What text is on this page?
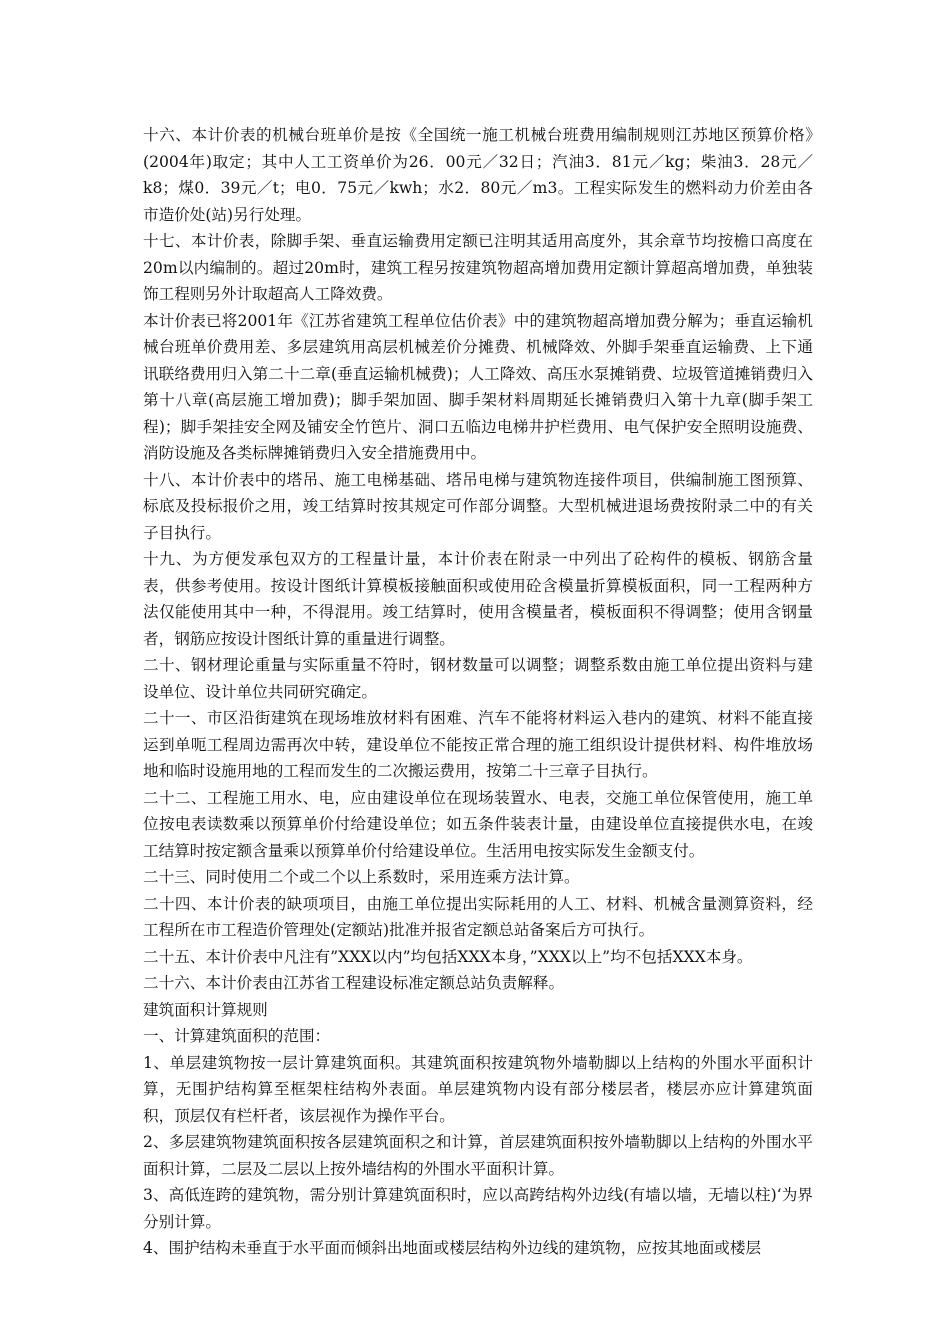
十六、本计价表的机械台班单价是按《全国统一施工机械台班费用编制规则江苏地区预算价格》　(2004年)取定；其中人工工资单价为26．00元／32日；汽油3．81元／kg；柴油3．28元／k8；煤0．39元／t；电0．75元／kwh；水2．80元／m3。工程实际发生的燃料动力价差由各市造价处(站)另行处理。

十七、本计价表，除脚手架、垂直运输费用定额已注明其适用高度外，其余章节均按檐口高度在20m以内编制的。超过20m时，建筑工程另按建筑物超高增加费用定额计算超高增加费，单独装饰工程则另外计取超高人工降效费。

本计价表已将2001年《江苏省建筑工程单位估价表》中的建筑物超高增加费分解为；垂直运输机械台班单价费用差、多层建筑用高层机械差价分摊费、机械降效、外脚手架垂直运输费、上下通讯联络费用归入第二十二章(垂直运输机械费)；人工降效、高压水泵摊销费、垃圾管道摊销费归入第十八章(高层施工增加费)；脚手架加固、脚手架材料周期延长摊销费归入第十九章(脚手架工程)；脚手架挂安全网及铺安全竹笆片、洞口五临边电梯井护栏费用、电气保护安全照明设施费、消防设施及各类标牌摊销费归入安全措施费用中。

十八、本计价表中的塔吊、施工电梯基础、塔吊电梯与建筑物连接件项目，供编制施工图预算、标底及投标报价之用，竣工结算时按其规定可作部分调整。大型机械进退场费按附录二中的有关子目执行。

十九、为方便发承包双方的工程量计量，本计价表在附录一中列出了砼构件的模板、钢筋含量表，供参考使用。按设计图纸计算模板接触面积或使用砼含模量折算模板面积，同一工程两种方法仅能使用其中一种，不得混用。竣工结算时，使用含模量者，模板面积不得调整；使用含钢量者，钢筋应按设计图纸计算的重量进行调整。

二十、钢材理论重量与实际重量不符时，钢材数量可以调整；调整系数由施工单位提出资料与建设单位、设计单位共同研究确定。

二十一、市区沿街建筑在现场堆放材料有困难、汽车不能将材料运入巷内的建筑、材料不能直接运到单呃工程周边需再次中转，建设单位不能按正常合理的施工组织设计提供材料、构件堆放场地和临时设施用地的工程而发生的二次搬运费用，按第二十三章子目执行。

二十二、工程施工用水、电，应由建设单位在现场装置水、电表，交施工单位保管使用，施工单位按电表读数乘以预算单价付给建设单位；如五条件装表计量，由建设单位直接提供水电，在竣工结算时按定额含量乘以预算单价付给建设单位。生活用电按实际发生金额支付。

二十三、同时使用二个或二个以上系数时，采用连乘方法计算。

二十四、本计价表的缺项项目，由施工单位提出实际耗用的人工、材料、机械含量测算资料，经工程所在市工程造价管理处(定额站)批准并报省定额总站备案后方可执行。

二十五、本计价表中凡注有”XXX以内”均包括XXX本身，”XXX以上”均不包括XXX本身。

二十六、本计价表由江苏省工程建设标准定额总站负责解释。

建筑面积计算规则

一、计算建筑面积的范围：

1、单层建筑物按一层计算建筑面积。其建筑面积按建筑物外墙勒脚以上结构的外围水平面积计算，无围护结构算至框架柱结构外表面。单层建筑物内设有部分楼层者，楼层亦应计算建筑面积，顶层仅有栏杆者，该层视作为操作平台。

2、多层建筑物建筑面积按各层建筑面积之和计算，首层建筑面积按外墙勒脚以上结构的外围水平面积计算，二层及二层以上按外墙结构的外围水平面积计算。

3、高低连跨的建筑物，需分别计算建筑面积时，应以高跨结构外边线(有墙以墙，无墙以柱)‘为界分别计算。

4、围护结构未垂直于水平面而倾斜出地面或楼层结构外边线的建筑物，应按其地面或楼层
